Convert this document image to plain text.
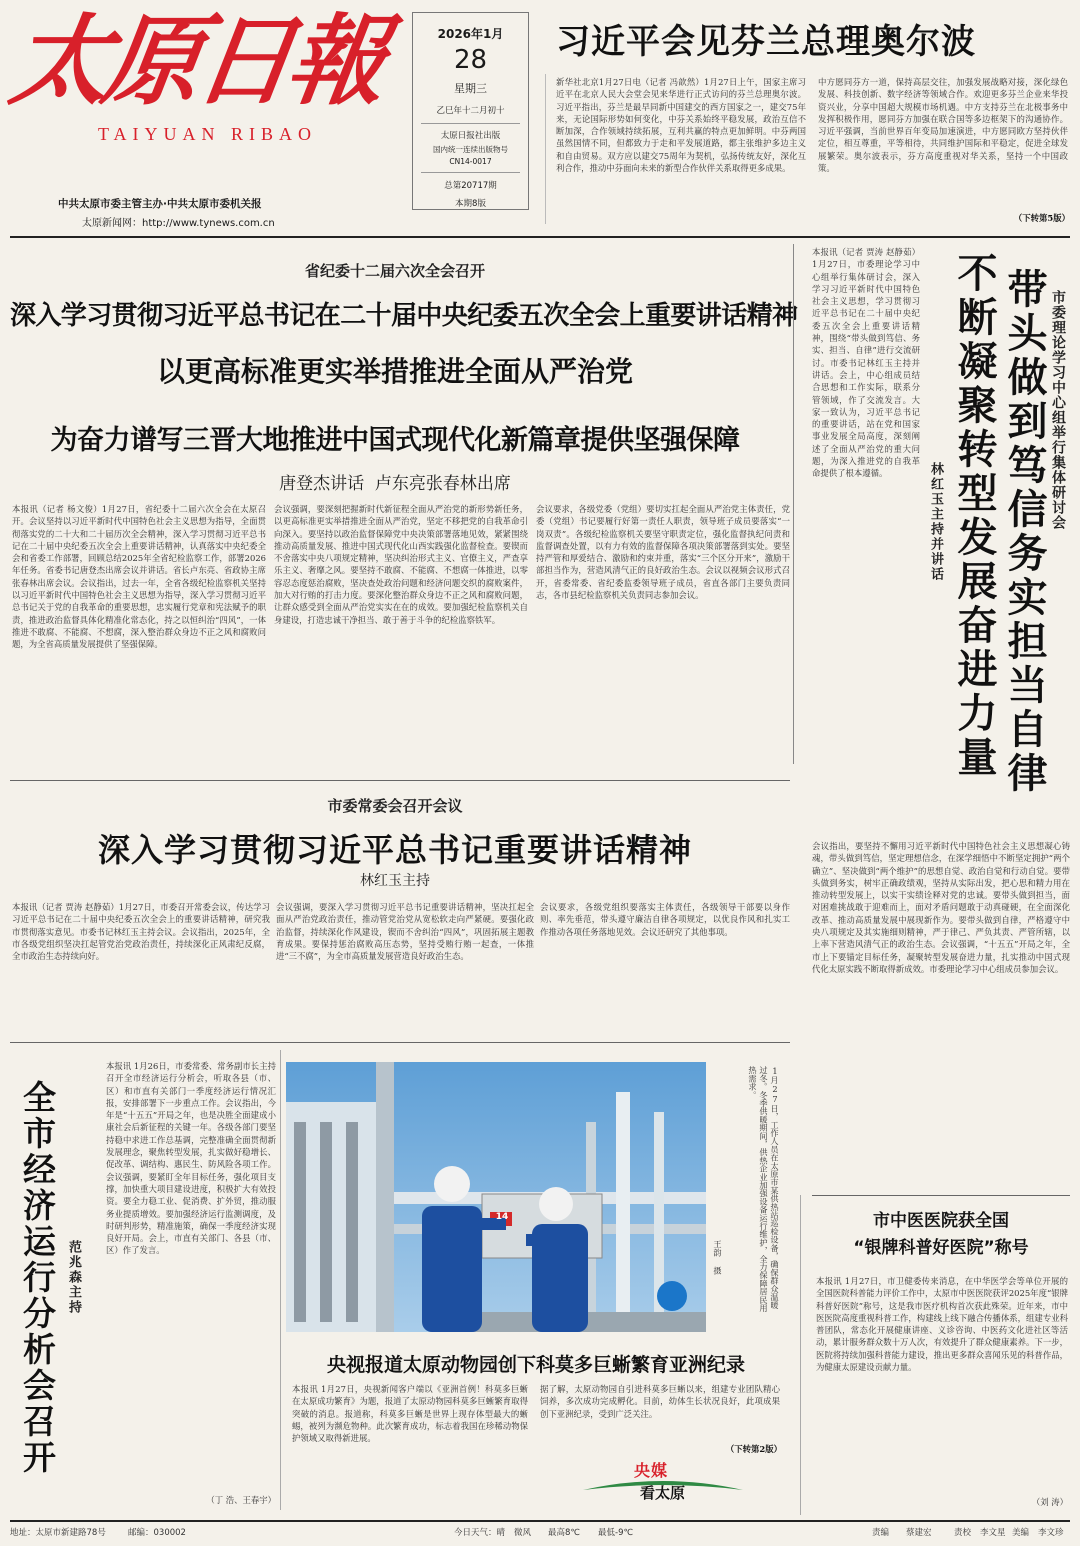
太原日報
TAIYUAN RIBAO
中共太原市委主管主办·中共太原市委机关报
太原新闻网：http://www.tynews.com.cn
2026年1月
28
星期三
乙巳年十二月初十
太原日报社出版
国内统一连续出版物号
CN14-0017
总第20717期
本期8版
习近平会见芬兰总理奥尔波
新华社北京1月27日电（记者 冯歆然）1月27日上午，国家主席习近平在北京人民大会堂会见来华进行正式访问的芬兰总理奥尔波。习近平指出，芬兰是最早同新中国建交的西方国家之一，建交75年来，无论国际形势如何变化，中芬关系始终平稳发展，政治互信不断加深，合作领域持续拓展，互利共赢的特点更加鲜明。中芬两国虽然国情不同，但都致力于走和平发展道路，都主张维护多边主义和自由贸易。双方应以建交75周年为契机，弘扬传统友好，深化互利合作，推动中芬面向未来的新型合作伙伴关系取得更多成果。
中方愿同芬方一道，保持高层交往，加强发展战略对接，深化绿色发展、科技创新、数字经济等领域合作。欢迎更多芬兰企业来华投资兴业，分享中国超大规模市场机遇。中方支持芬兰在北极事务中发挥积极作用，愿同芬方加强在联合国等多边框架下的沟通协作。习近平强调，当前世界百年变局加速演进，中方愿同欧方坚持伙伴定位，相互尊重，平等相待，共同维护国际和平稳定，促进全球发展繁荣。奥尔波表示，芬方高度重视对华关系，坚持一个中国政策。
（下转第5版）
省纪委十二届六次全会召开
深入学习贯彻习近平总书记在二十届中央纪委五次全会上重要讲话精神
以更高标准更实举措推进全面从严治党
为奋力谱写三晋大地推进中国式现代化新篇章提供坚强保障
唐登杰讲话  卢东亮张春林出席
本报讯（记者 杨文俊）1月27日，省纪委十二届六次全会在太原召开。会议坚持以习近平新时代中国特色社会主义思想为指导，全面贯彻落实党的二十大和二十届历次全会精神，深入学习贯彻习近平总书记在二十届中央纪委五次全会上重要讲话精神，认真落实中央纪委全会和省委工作部署，回顾总结2025年全省纪检监察工作，部署2026年任务。省委书记唐登杰出席会议并讲话。省长卢东亮、省政协主席张春林出席会议。会议指出，过去一年，全省各级纪检监察机关坚持以习近平新时代中国特色社会主义思想为指导，深入学习贯彻习近平总书记关于党的自我革命的重要思想，忠实履行党章和宪法赋予的职责，推进政治监督具体化精准化常态化，持之以恒纠治“四风”，一体推进不敢腐、不能腐、不想腐，深入整治群众身边不正之风和腐败问题，为全省高质量发展提供了坚强保障。
会议强调，要深刻把握新时代新征程全面从严治党的新形势新任务，以更高标准更实举措推进全面从严治党，坚定不移把党的自我革命引向深入。要坚持以政治监督保障党中央决策部署落地见效，紧紧围绕推动高质量发展、推进中国式现代化山西实践强化监督检查。要锲而不舍落实中央八项规定精神，坚决纠治形式主义、官僚主义，严查享乐主义、奢靡之风。要坚持不敢腐、不能腐、不想腐一体推进，以零容忍态度惩治腐败，坚决查处政治问题和经济问题交织的腐败案件，加大对行贿的打击力度。要深化整治群众身边不正之风和腐败问题，让群众感受到全面从严治党实实在在的成效。要加强纪检监察机关自身建设，打造忠诚干净担当、敢于善于斗争的纪检监察铁军。
会议要求，各级党委（党组）要切实扛起全面从严治党主体责任，党委（党组）书记要履行好第一责任人职责，领导班子成员要落实“一岗双责”。各级纪检监察机关要坚守职责定位，强化监督执纪问责和监督调查处置，以有力有效的监督保障各项决策部署落到实处。要坚持严管和厚爱结合、激励和约束并重，落实“三个区分开来”，激励干部担当作为，营造风清气正的良好政治生态。会议以视频会议形式召开，省委常委、省纪委监委领导班子成员，省直各部门主要负责同志，各市县纪检监察机关负责同志参加会议。
市委理论学习中心组举行集体研讨会
带头做到笃信务实担当自律
不断凝聚转型发展奋进力量
林红玉主持并讲话
本报讯（记者 贾涛 赵静茹）1月27日，市委理论学习中心组举行集体研讨会，深入学习习近平新时代中国特色社会主义思想，学习贯彻习近平总书记在二十届中央纪委五次全会上重要讲话精神，围绕“带头做到笃信、务实、担当、自律”进行交流研讨。市委书记林红玉主持并讲话。会上，中心组成员结合思想和工作实际，联系分管领域，作了交流发言。大家一致认为，习近平总书记的重要讲话，站在党和国家事业发展全局高度，深刻阐述了全面从严治党的重大问题，为深入推进党的自我革命提供了根本遵循。
会议指出，要坚持不懈用习近平新时代中国特色社会主义思想凝心铸魂，带头做到笃信，坚定理想信念，在深学细悟中不断坚定拥护“两个确立”、坚决做到“两个维护”的思想自觉、政治自觉和行动自觉。要带头做到务实，树牢正确政绩观，坚持从实际出发，把心思和精力用在推动转型发展上，以实干实绩诠释对党的忠诚。要带头做到担当，面对困难挑战敢于迎难而上，面对矛盾问题敢于动真碰硬，在全面深化改革、推动高质量发展中展现新作为。要带头做到自律，严格遵守中央八项规定及其实施细则精神，严于律己、严负其责、严管所辖，以上率下营造风清气正的政治生态。会议强调，“十五五”开局之年，全市上下要锚定目标任务，凝聚转型发展奋进力量，扎实推动中国式现代化太原实践不断取得新成效。市委理论学习中心组成员参加会议。
市委常委会召开会议
深入学习贯彻习近平总书记重要讲话精神
林红玉主持
本报讯（记者 贾涛 赵静茹）1月27日，市委召开常委会议，传达学习习近平总书记在二十届中央纪委五次全会上的重要讲话精神，研究我市贯彻落实意见。市委书记林红玉主持会议。会议指出，2025年，全市各级党组织坚决扛起管党治党政治责任，持续深化正风肃纪反腐，全市政治生态持续向好。
会议强调，要深入学习贯彻习近平总书记重要讲话精神，坚决扛起全面从严治党政治责任，推动管党治党从宽松软走向严紧硬。要强化政治监督，持续深化作风建设，锲而不舍纠治“四风”，巩固拓展主题教育成果。要保持惩治腐败高压态势，坚持受贿行贿一起查，一体推进“三不腐”，为全市高质量发展营造良好政治生态。
会议要求，各级党组织要落实主体责任，各级领导干部要以身作则、率先垂范，带头遵守廉洁自律各项规定，以优良作风和扎实工作推动各项任务落地见效。会议还研究了其他事项。
全市经济运行分析会召开 范兆森主持
本报讯 1月26日，市委常委、常务副市长主持召开全市经济运行分析会，听取各县（市、区）和市直有关部门一季度经济运行情况汇报，安排部署下一步重点工作。会议指出，今年是“十五五”开局之年，也是决胜全面建成小康社会后新征程的关键一年。各级各部门要坚持稳中求进工作总基调，完整准确全面贯彻新发展理念，聚焦转型发展，扎实做好稳增长、促改革、调结构、惠民生、防风险各项工作。会议强调，要紧盯全年目标任务，强化项目支撑，加快重大项目建设进度，积极扩大有效投资。要全力稳工业、促消费、扩外贸，推动服务业提质增效。要加强经济运行监测调度，及时研判形势，精准施策，确保一季度经济实现良好开局。会上，市直有关部门、各县（市、区）作了发言。
（丁 浩、王春宇）
14	1月27日，工作人员在太原市某供热站巡检设备，确保群众温暖过冬。冬季供暖期间，供热企业加强设备运行维护，全力保障居民用热需求。
王韵 摄
央视报道太原动物园创下科莫多巨蜥繁育亚洲纪录
本报讯 1月27日，央视新闻客户端以《亚洲首例！科莫多巨蜥在太原成功繁育》为题，报道了太原动物园科莫多巨蜥繁育取得突破的消息。报道称，科莫多巨蜥是世界上现存体型最大的蜥蜴，被列为濒危物种。此次繁育成功，标志着我国在珍稀动物保护领域又取得新进展。
据了解，太原动物园自引进科莫多巨蜥以来，组建专业团队精心饲养，多次成功完成孵化。目前，幼体生长状况良好，此项成果创下亚洲纪录，受到广泛关注。
（下转第2版）
央媒
看太原
市中医医院获全国
“银牌科普好医院”称号
本报讯 1月27日，市卫健委传来消息，在中华医学会等单位开展的全国医院科普能力评价工作中，太原市中医医院获评2025年度“银牌科普好医院”称号，这是我市医疗机构首次获此殊荣。近年来，市中医医院高度重视科普工作，构建线上线下融合传播体系，组建专业科普团队，常态化开展健康讲座、义诊咨询、中医药文化进社区等活动，累计服务群众数十万人次，有效提升了群众健康素养。下一步，医院将持续加强科普能力建设，推出更多群众喜闻乐见的科普作品，为健康太原建设贡献力量。
（刘 涛）
地址：太原市新建路78号	邮编：030002	今日天气：晴 微风 最高8℃ 最低-9℃	责编 蔡建宏	责校 李文星 美编 李文珍
